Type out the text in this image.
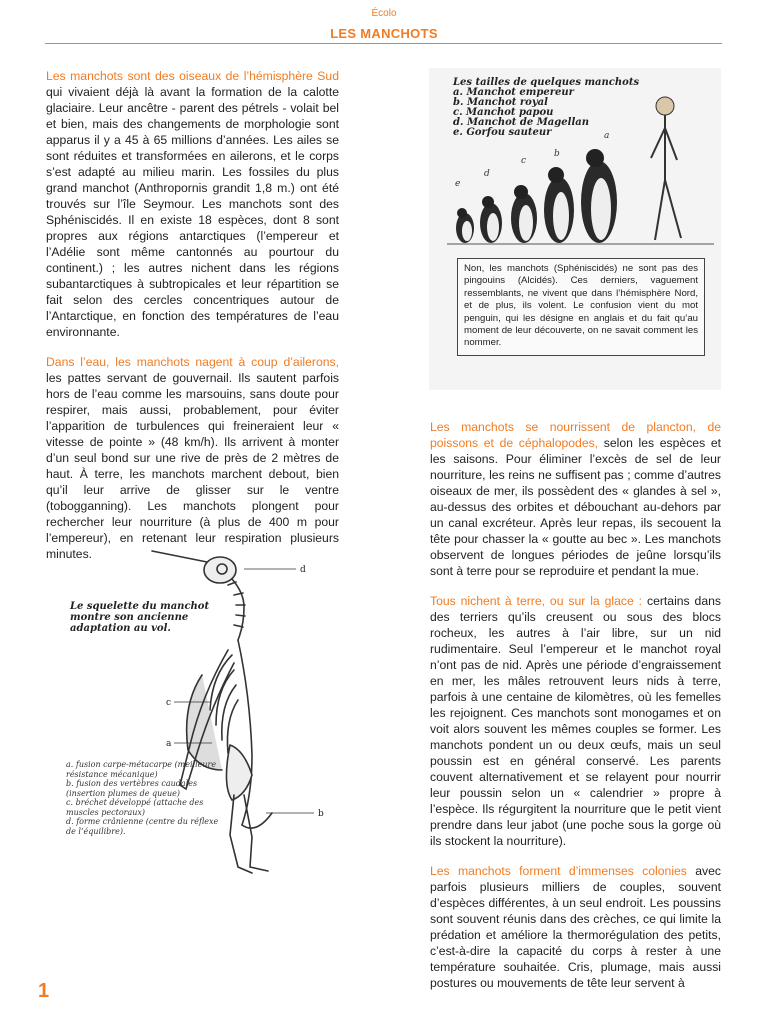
Écolo
LES MANCHOTS

Les manchots sont des oiseaux de l’hémisphère Sud qui vivaient déjà là avant la formation de la calotte glaciaire. Leur ancêtre - parent des pétrels - volait bel et bien, mais des changements de morphologie sont apparus il y a 45 à 65 millions d’années. Les ailes se sont réduites et transformées en ailerons, et le corps s’est adapté au milieu marin. Les fossiles du plus grand manchot (Anthropornis grandit 1,8 m.) ont été trouvés sur l’île Seymour. Les manchots sont des Sphéniscidés. Il en existe 18 espèces, dont 8 sont propres aux régions antarctiques (l’empereur et l’Adélie sont même cantonnés au pourtour du continent.) ; les autres nichent dans les régions subantarctiques à subtropicales et leur répartition se fait selon des cercles concentriques autour de l’Antarctique, en fonction des températures de l’eau environnante.

Dans l’eau, les manchots nagent à coup d’ailerons, les pattes servant de gouvernail. Ils sautent parfois hors de l’eau comme les marsouins, sans doute pour respirer, mais aussi, probablement, pour éviter l’apparition de turbulences qui freineraient leur « vitesse de pointe » (48 km/h). Ils arrivent à monter d’un seul bond sur une rive de près de 2 mètres de haut. À terre, les manchots marchent debout, bien qu’il leur arrive de glisser sur le ventre (tobogganning). Les manchots plongent pour rechercher leur nourriture (à plus de 400 m pour l’empereur), en retenant leur respiration plusieurs minutes.

e
d
c
b
a
Les tailles de quelques manchots
a. Manchot empereur
b. Manchot royal
c. Manchot papou
d. Manchot de Magellan
e. Gorfou sauteur
Non, les manchots (Sphéniscidés) ne sont pas des pingouins (Alcidés). Ces derniers, vaguement ressemblants, ne vivent que dans l’hémisphère Nord, et de plus, ils volent. Le confusion vient du mot penguin, qui les désigne en anglais et du fait qu’au moment de leur découverte, on ne savait comment les nommer.

Les manchots se nourrissent de plancton, de poissons et de céphalopodes, selon les espèces et les saisons. Pour éliminer l’excès de sel de leur nourriture, les reins ne suffisent pas ; comme d’autres oiseaux de mer, ils possèdent des « glandes à sel », au-dessus des orbites et débouchant au-dehors par un canal excréteur. Après leur repas, ils secouent la tête pour chasser la « goutte au bec ». Les manchots observent de longues périodes de jeûne lorsqu’ils sont à terre pour se reproduire et pendant la mue.

Tous nichent à terre, ou sur la glace : certains dans des terriers qu’ils creusent ou sous des blocs rocheux, les autres à l’air libre, sur un nid rudimentaire. Seul l’empereur et le manchot royal n’ont pas de nid. Après une période d’engraissement en mer, les mâles retrouvent leurs nids à terre, parfois à une centaine de kilomètres, où les femelles les rejoignent. Ces manchots sont monogames et on voit alors souvent les mêmes couples se former. Les manchots pondent un ou deux œufs, mais un seul poussin est en général conservé. Les parents couvent alternativement et se relayent pour nourrir leur poussin selon un « calendrier » propre à l’espèce. Ils régurgitent la nourriture que le petit vient prendre dans leur jabot (une poche sous la gorge où ils stockent la nourriture).

Les manchots forment d’immenses colonies avec parfois plusieurs milliers de couples, souvent d’espèces différentes, à un seul endroit. Les poussins sont souvent réunis dans des crèches, ce qui limite la prédation et améliore la thermorégulation des petits, c’est-à-dire la capacité du corps à rester à une température souhaitée. Cris, plumage, mais aussi postures ou mouvements de tête leur servent à

d
c
a
b
Le squelette du manchot montre son ancienne adaptation au vol.
a. fusion carpe-métacarpe (meilleure résistance mécanique)
b. fusion des vertèbres caudales (insertion plumes de queue)
c. bréchet développé (attache des muscles pectoraux)
d. forme crânienne (centre du réflexe de l’équilibre).
1
